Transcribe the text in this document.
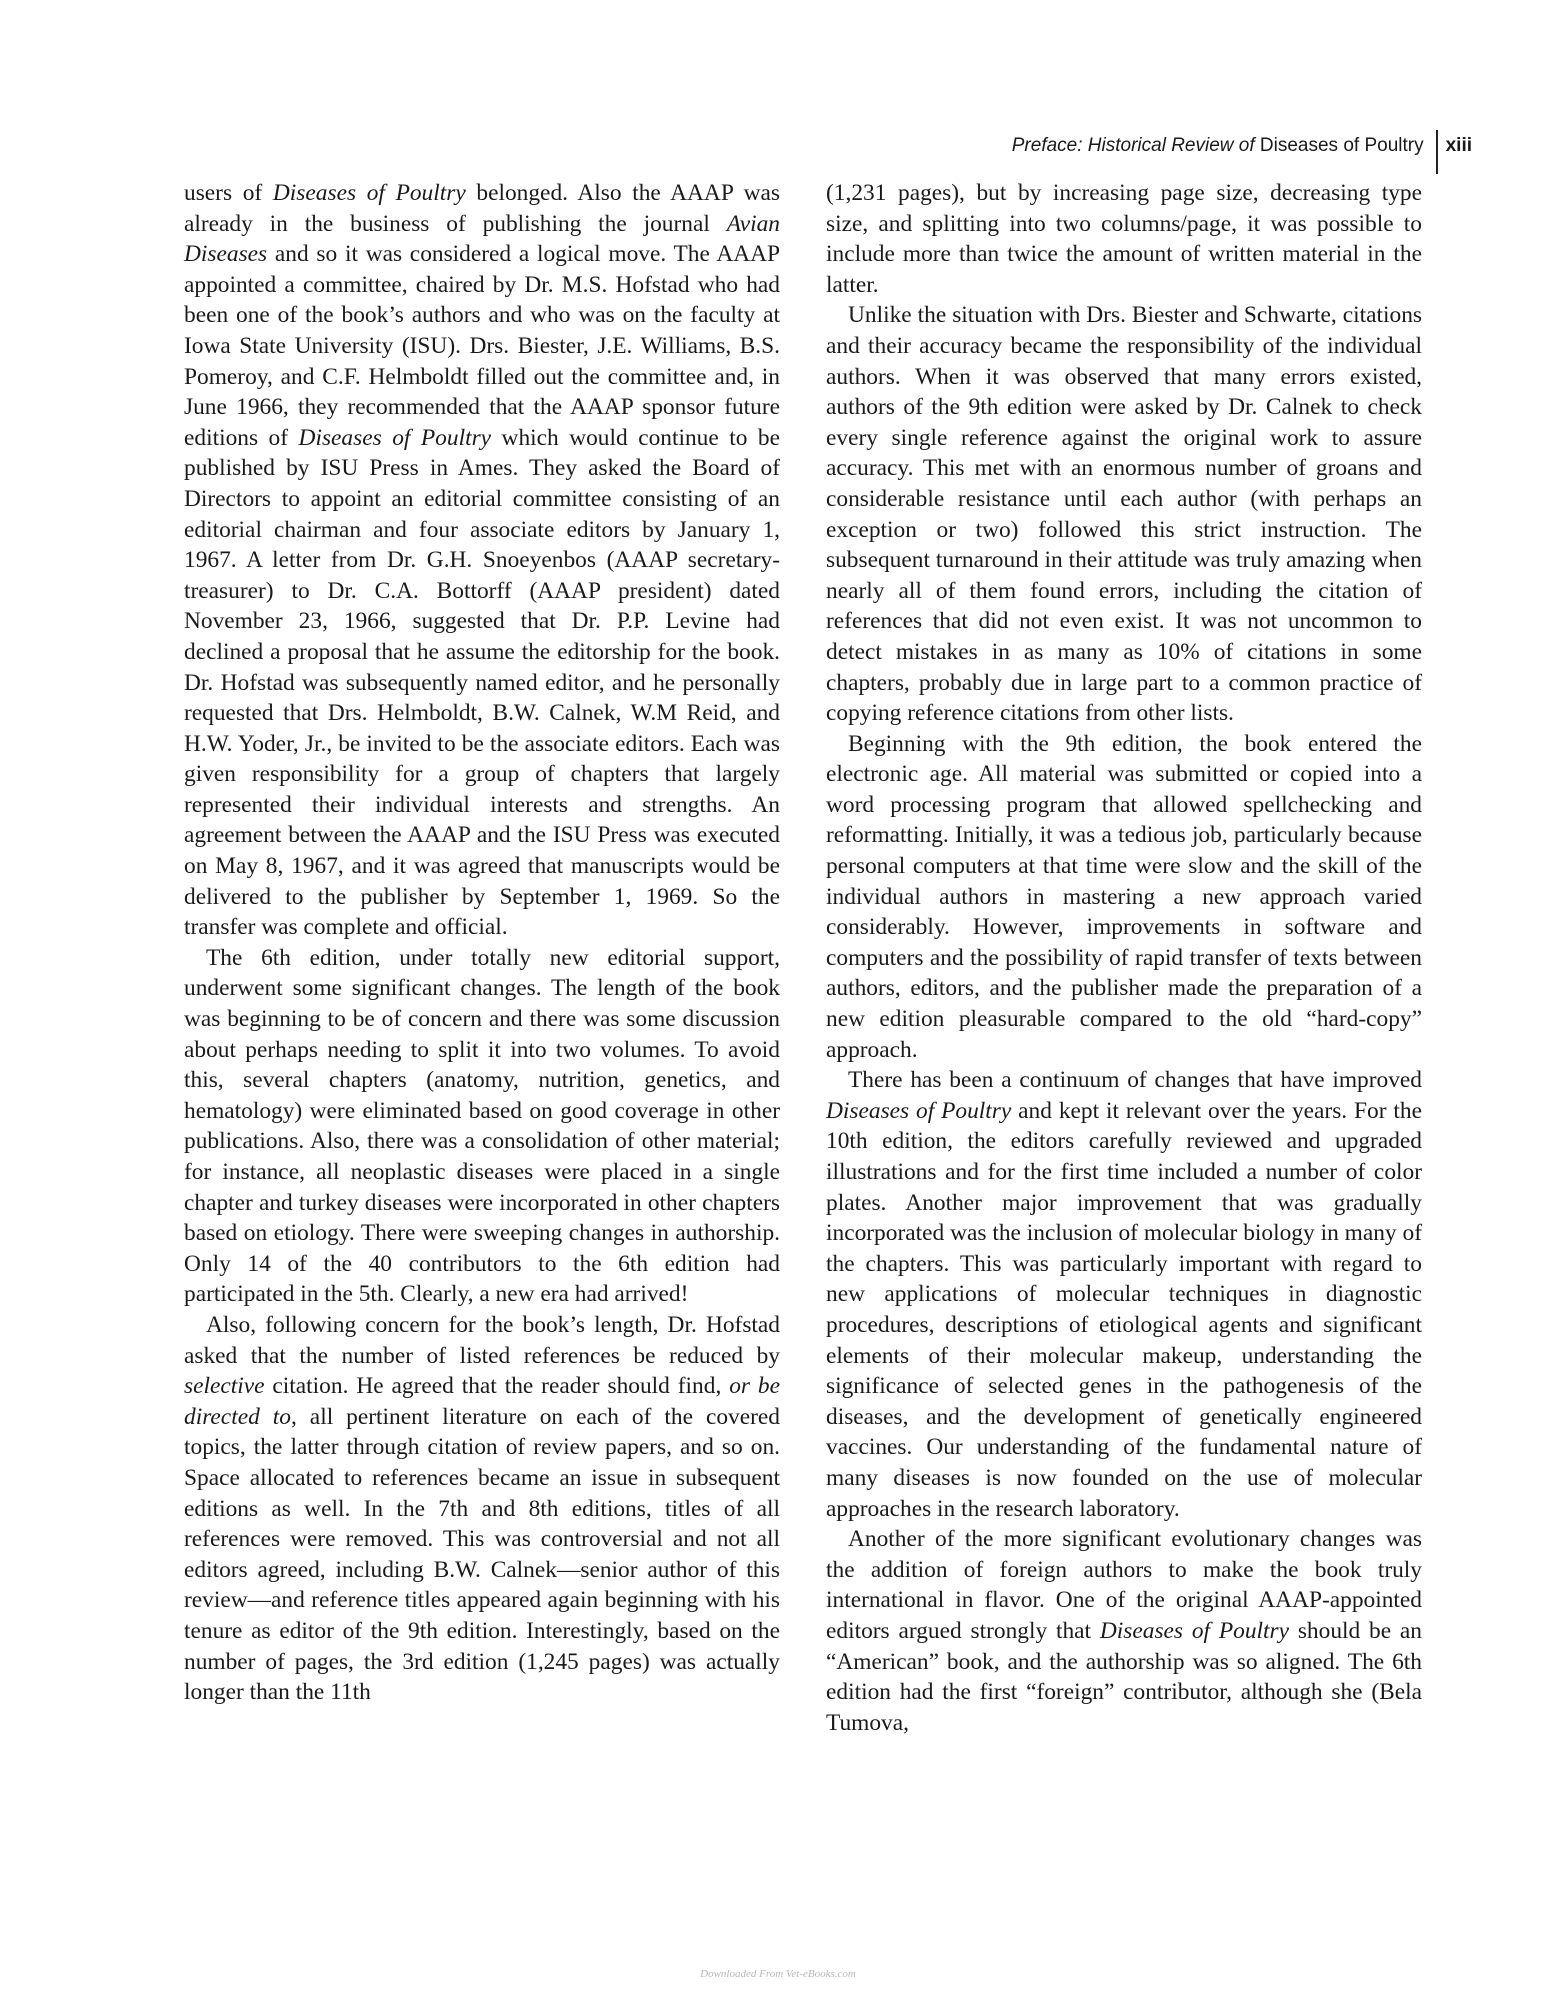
Preface: Historical Review of
Diseases of Poultry xiii

users of Diseases of Poultry belonged. Also the AAAP was already in the business of publishing the journal Avian Diseases and so it was considered a logical move. The AAAP appointed a committee, chaired by Dr. M.S. Hofstad who had been one of the book’s authors and who was on the faculty at Iowa State University (ISU). Drs. Biester, J.E. Williams, B.S. Pomeroy, and C.F. Helmboldt filled out the committee and, in June 1966, they recommended that the AAAP sponsor future editions of Diseases of Poultry which would continue to be published by ISU Press in Ames. They asked the Board of Directors to appoint an editorial committee consisting of an editorial chairman and four associate editors by January 1, 1967. A letter from Dr. G.H. Snoeyenbos (AAAP secretary-treasurer) to Dr. C.A. Bottorff (AAAP president) dated November 23, 1966, suggested that Dr. P.P. Levine had declined a proposal that he assume the editorship for the book. Dr. Hofstad was subsequently named editor, and he personally requested that Drs. Helmboldt, B.W. Calnek, W.M Reid, and H.W. Yoder, Jr., be invited to be the associate editors. Each was given responsibility for a group of chapters that largely represented their individual interests and strengths. An agreement between the AAAP and the ISU Press was executed on May 8, 1967, and it was agreed that manuscripts would be delivered to the publisher by September 1, 1969. So the transfer was complete and official.

The 6th edition, under totally new editorial support, underwent some significant changes. The length of the book was beginning to be of concern and there was some discussion about perhaps needing to split it into two volumes. To avoid this, several chapters (anatomy, nutrition, genetics, and hematology) were eliminated based on good coverage in other publications. Also, there was a consolidation of other material; for instance, all neoplastic diseases were placed in a single chapter and turkey diseases were incorporated in other chapters based on etiology. There were sweeping changes in authorship. Only 14 of the 40 contributors to the 6th edition had participated in the 5th. Clearly, a new era had arrived!

Also, following concern for the book’s length, Dr. Hofstad asked that the number of listed references be reduced by selective citation. He agreed that the reader should find, or be directed to, all pertinent literature on each of the covered topics, the latter through citation of review papers, and so on. Space allocated to references became an issue in subsequent editions as well. In the 7th and 8th editions, titles of all references were removed. This was controversial and not all editors agreed, including B.W. Calnek—senior author of this review—and reference titles appeared again beginning with his tenure as editor of the 9th edition. Interestingly, based on the number of pages, the 3rd edition (1,245 pages) was actually longer than the 11th

(1,231 pages), but by increasing page size, decreasing type size, and splitting into two columns/page, it was possible to include more than twice the amount of written material in the latter.

Unlike the situation with Drs. Biester and Schwarte, citations and their accuracy became the responsibility of the individual authors. When it was observed that many errors existed, authors of the 9th edition were asked by Dr. Calnek to check every single reference against the original work to assure accuracy. This met with an enormous number of groans and considerable resistance until each author (with perhaps an exception or two) followed this strict instruction. The subsequent turnaround in their attitude was truly amazing when nearly all of them found errors, including the citation of references that did not even exist. It was not uncommon to detect mistakes in as many as 10% of citations in some chapters, probably due in large part to a common practice of copying reference citations from other lists.

Beginning with the 9th edition, the book entered the electronic age. All material was submitted or copied into a word processing program that allowed spellchecking and reformatting. Initially, it was a tedious job, particularly because personal computers at that time were slow and the skill of the individual authors in mastering a new approach varied considerably. However, improvements in software and computers and the possibility of rapid transfer of texts between authors, editors, and the publisher made the preparation of a new edition pleasurable compared to the old “hard-copy” approach.

There has been a continuum of changes that have improved Diseases of Poultry and kept it relevant over the years. For the 10th edition, the editors carefully reviewed and upgraded illustrations and for the first time included a number of color plates. Another major improvement that was gradually incorporated was the inclusion of molecular biology in many of the chapters. This was particularly important with regard to new applications of molecular techniques in diagnostic procedures, descriptions of etiological agents and significant elements of their molecular makeup, understanding the significance of selected genes in the pathogenesis of the diseases, and the development of genetically engineered vaccines. Our understanding of the fundamental nature of many diseases is now founded on the use of molecular approaches in the research laboratory.

Another of the more significant evolutionary changes was the addition of foreign authors to make the book truly international in flavor. One of the original AAAP-appointed editors argued strongly that Diseases of Poultry should be an “American” book, and the authorship was so aligned. The 6th edition had the first “foreign” contributor, although she (Bela Tumova,

Downloaded From Vet-eBooks.com
